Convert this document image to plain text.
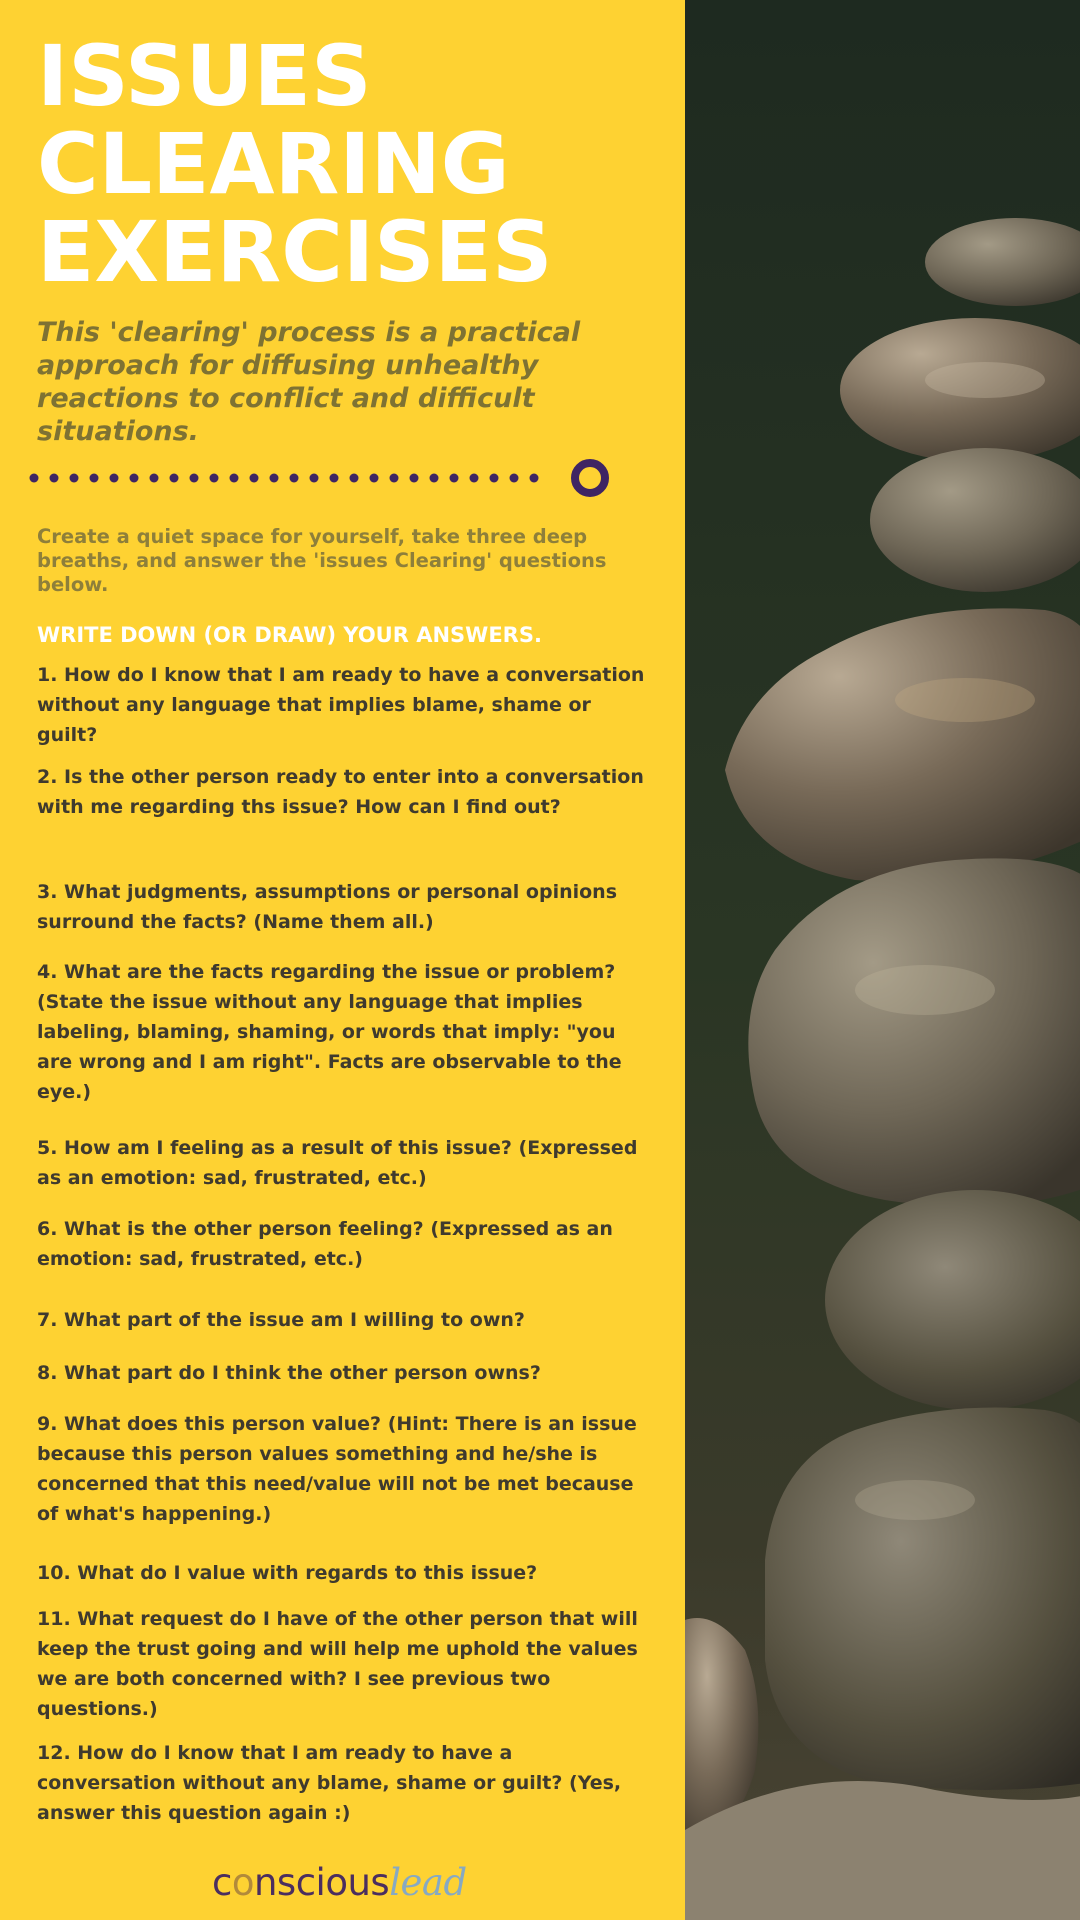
ISSUES
CLEARING
EXERCISES

This 'clearing' process is a practical approach for diffusing unhealthy reactions to conflict and difficult situations.

Create a quiet space for yourself, take three deep breaths, and answer the 'issues Clearing' questions below.

WRITE DOWN (OR DRAW) YOUR ANSWERS.

1. How do I know that I am ready to have a conversation without any language that implies blame, shame or guilt?

2. Is the other person ready to enter into a conversation with me regarding ths issue? How can I find out?

3. What judgments, assumptions or personal opinions surround the facts? (Name them all.)

4. What are the facts regarding the issue or problem? (State the issue without any language that implies labeling, blaming, shaming, or words that imply: "you are wrong and I am right". Facts are observable to the eye.)

5. How am I feeling as a result of this issue? (Expressed as an emotion: sad, frustrated, etc.)

6. What is the other person feeling? (Expressed as an emotion: sad, frustrated, etc.)

7. What part of the issue am I willing to own?

8. What part do I think the other person owns?

9. What does this person value? (Hint: There is an issue because this person values something and he/she is concerned that this need/value will not be met because of what's happening.)

10. What do I value with regards to this issue?

11. What request do I have of the other person that will keep the trust going and will help me uphold the values we are both concerned with? I see previous two questions.)

12. How do I know that I am ready to have a conversation without any blame, shame or guilt? (Yes, answer this question again :)

consciouslead
